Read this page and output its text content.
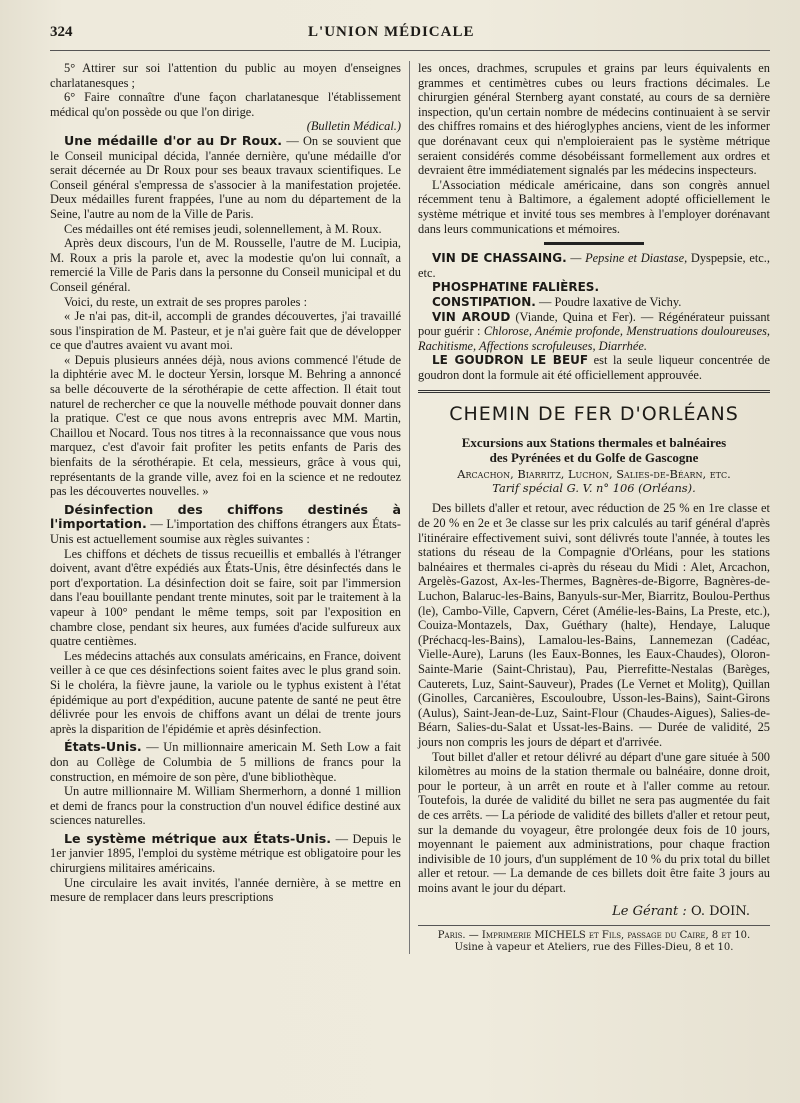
324	L'UNION MÉDICALE

5° Attirer sur soi l'attention du public au moyen d'enseignes charlatanesques ;

6° Faire connaître d'une façon charlatanesque l'établissement médical qu'on possède ou que l'on dirige.

(Bulletin Médical.)

Une médaille d'or au Dr Roux. — On se souvient que le Conseil municipal décida, l'année dernière, qu'une médaille d'or serait décernée au Dr Roux pour ses beaux travaux scientifiques. Le Conseil général s'empressa de s'associer à la manifestation projetée. Deux médailles furent frappées, l'une au nom du département de la Seine, l'autre au nom de la Ville de Paris.

Ces médailles ont été remises jeudi, solennellement, à M. Roux.

Après deux discours, l'un de M. Rousselle, l'autre de M. Lucipia, M. Roux a pris la parole et, avec la modestie qu'on lui connaît, a remercié la Ville de Paris dans la personne du Conseil municipal et du Conseil général.

Voici, du reste, un extrait de ses propres paroles :

« Je n'ai pas, dit-il, accompli de grandes découvertes, j'ai travaillé sous l'inspiration de M. Pasteur, et je n'ai guère fait que de développer ce que d'autres avaient vu avant moi.

« Depuis plusieurs années déjà, nous avions commencé l'étude de la diphtérie avec M. le docteur Yersin, lorsque M. Behring a annoncé sa belle découverte de la sérothérapie de cette affection. Il était tout naturel de rechercher ce que la nouvelle méthode pouvait donner dans la pratique. C'est ce que nous avons entrepris avec MM. Martin, Chaillou et Nocard. Tous nos titres à la reconnaissance que vous nous marquez, c'est d'avoir fait profiter les petits enfants de Paris des bienfaits de la sérothérapie. Et cela, messieurs, grâce à vous qui, représentants de la grande ville, avez foi en la science et ne redoutez pas les découvertes nouvelles. »

Désinfection des chiffons destinés à l'importation. — L'importation des chiffons étrangers aux États-Unis est actuellement soumise aux règles suivantes :

Les chiffons et déchets de tissus recueillis et emballés à l'étranger doivent, avant d'être expédiés aux États-Unis, être désinfectés dans le port d'exportation. La désinfection doit se faire, soit par l'immersion dans l'eau bouillante pendant trente minutes, soit par le traitement à la vapeur à 100° pendant le même temps, soit par l'exposition en chambre close, pendant six heures, aux fumées d'acide sulfureux aux quatre centièmes.

Les médecins attachés aux consulats américains, en France, doivent veiller à ce que ces désinfections soient faites avec le plus grand soin. Si le choléra, la fièvre jaune, la variole ou le typhus existent à l'état épidémique au port d'expédition, aucune patente de santé ne peut être délivrée pour les envois de chiffons avant un délai de trente jours après la disparition de l'épidémie et après désinfection.

États-Unis. — Un millionnaire americain M. Seth Low a fait don au Collège de Columbia de 5 millions de francs pour la construction, en mémoire de son père, d'une bibliothèque.

Un autre millionnaire M. William Shermerhorn, a donné 1 million et demi de francs pour la construction d'un nouvel édifice destiné aux sciences naturelles.

Le système métrique aux États-Unis. — Depuis le 1er janvier 1895, l'emploi du système métrique est obligatoire pour les chirurgiens militaires américains.

Une circulaire les avait invités, l'année dernière, à se mettre en mesure de remplacer dans leurs prescriptions

les onces, drachmes, scrupules et grains par leurs équivalents en grammes et centimètres cubes ou leurs fractions décimales. Le chirurgien général Sternberg ayant constaté, au cours de sa dernière inspection, qu'un certain nombre de médecins continuaient à se servir des chiffres romains et des hiéroglyphes anciens, vient de les informer que dorénavant ceux qui n'emploieraient pas le système métrique seraient considérés comme désobéissant formellement aux ordres et devraient être immédiatement signalés par les médecins inspecteurs.

L'Association médicale américaine, dans son congrès annuel récemment tenu à Baltimore, a également adopté officiellement le système métrique et invité tous ses membres à l'employer dorénavant dans leurs communications et mémoires.

VIN DE CHASSAING. — Pepsine et Diastase, Dyspepsie, etc., etc.

PHOSPHATINE FALIÈRES.

CONSTIPATION. — Poudre laxative de Vichy.

VIN AROUD (Viande, Quina et Fer). — Régénérateur puissant pour guérir : Chlorose, Anémie profonde, Menstruations douloureuses, Rachitisme, Affections scrofuleuses, Diarrhée.

LE GOUDRON LE BEUF est la seule liqueur concentrée de goudron dont la formule ait été officiellement approuvée.

CHEMIN DE FER D'ORLÉANS
Excursions aux Stations thermales et balnéaires
des Pyrénées et du Golfe de Gascogne
Arcachon, Biarritz, Luchon, Salies-de-Béarn, etc.
Tarif spécial G. V. n° 106 (Orléans).

Des billets d'aller et retour, avec réduction de 25 % en 1re classe et de 20 % en 2e et 3e classe sur les prix calculés au tarif général d'après l'itinéraire effectivement suivi, sont délivrés toute l'année, à toutes les stations du réseau de la Compagnie d'Orléans, pour les stations balnéaires et thermales ci-après du réseau du Midi : Alet, Arcachon, Argelès-Gazost, Ax-les-Thermes, Bagnères-de-Bigorre, Bagnères-de-Luchon, Balaruc-les-Bains, Banyuls-sur-Mer, Biarritz, Boulou-Perthus (le), Cambo-Ville, Capvern, Céret (Amélie-les-Bains, La Preste, etc.), Couiza-Montazels, Dax, Guéthary (halte), Hendaye, Laluque (Préchacq-les-Bains), Lamalou-les-Bains, Lannemezan (Cadéac, Vielle-Aure), Laruns (les Eaux-Bonnes, les Eaux-Chaudes), Oloron-Sainte-Marie (Saint-Christau), Pau, Pierrefitte-Nestalas (Barèges, Cauterets, Luz, Saint-Sauveur), Prades (Le Vernet et Molitg), Quillan (Ginolles, Carcanières, Escouloubre, Usson-les-Bains), Saint-Girons (Aulus), Saint-Jean-de-Luz, Saint-Flour (Chaudes-Aigues), Salies-de-Béarn, Salies-du-Salat et Ussat-les-Bains. — Durée de validité, 25 jours non compris les jours de départ et d'arrivée.

Tout billet d'aller et retour délivré au départ d'une gare située à 500 kilomètres au moins de la station thermale ou balnéaire, donne droit, pour le porteur, à un arrêt en route et à l'aller comme au retour. Toutefois, la durée de validité du billet ne sera pas augmentée du fait de ces arrêts. — La période de validité des billets d'aller et retour peut, sur la demande du voyageur, être prolongée deux fois de 10 jours, moyennant le paiement aux administrations, pour chaque fraction indivisible de 10 jours, d'un supplément de 10 % du prix total du billet aller et retour. — La demande de ces billets doit être faite 3 jours au moins avant le jour du départ.

Le Gérant : O. DOIN.
Paris. — Imprimerie MICHELS et Fils, passage du Caire, 8 et 10.
Usine à vapeur et Ateliers, rue des Filles-Dieu, 8 et 10.
